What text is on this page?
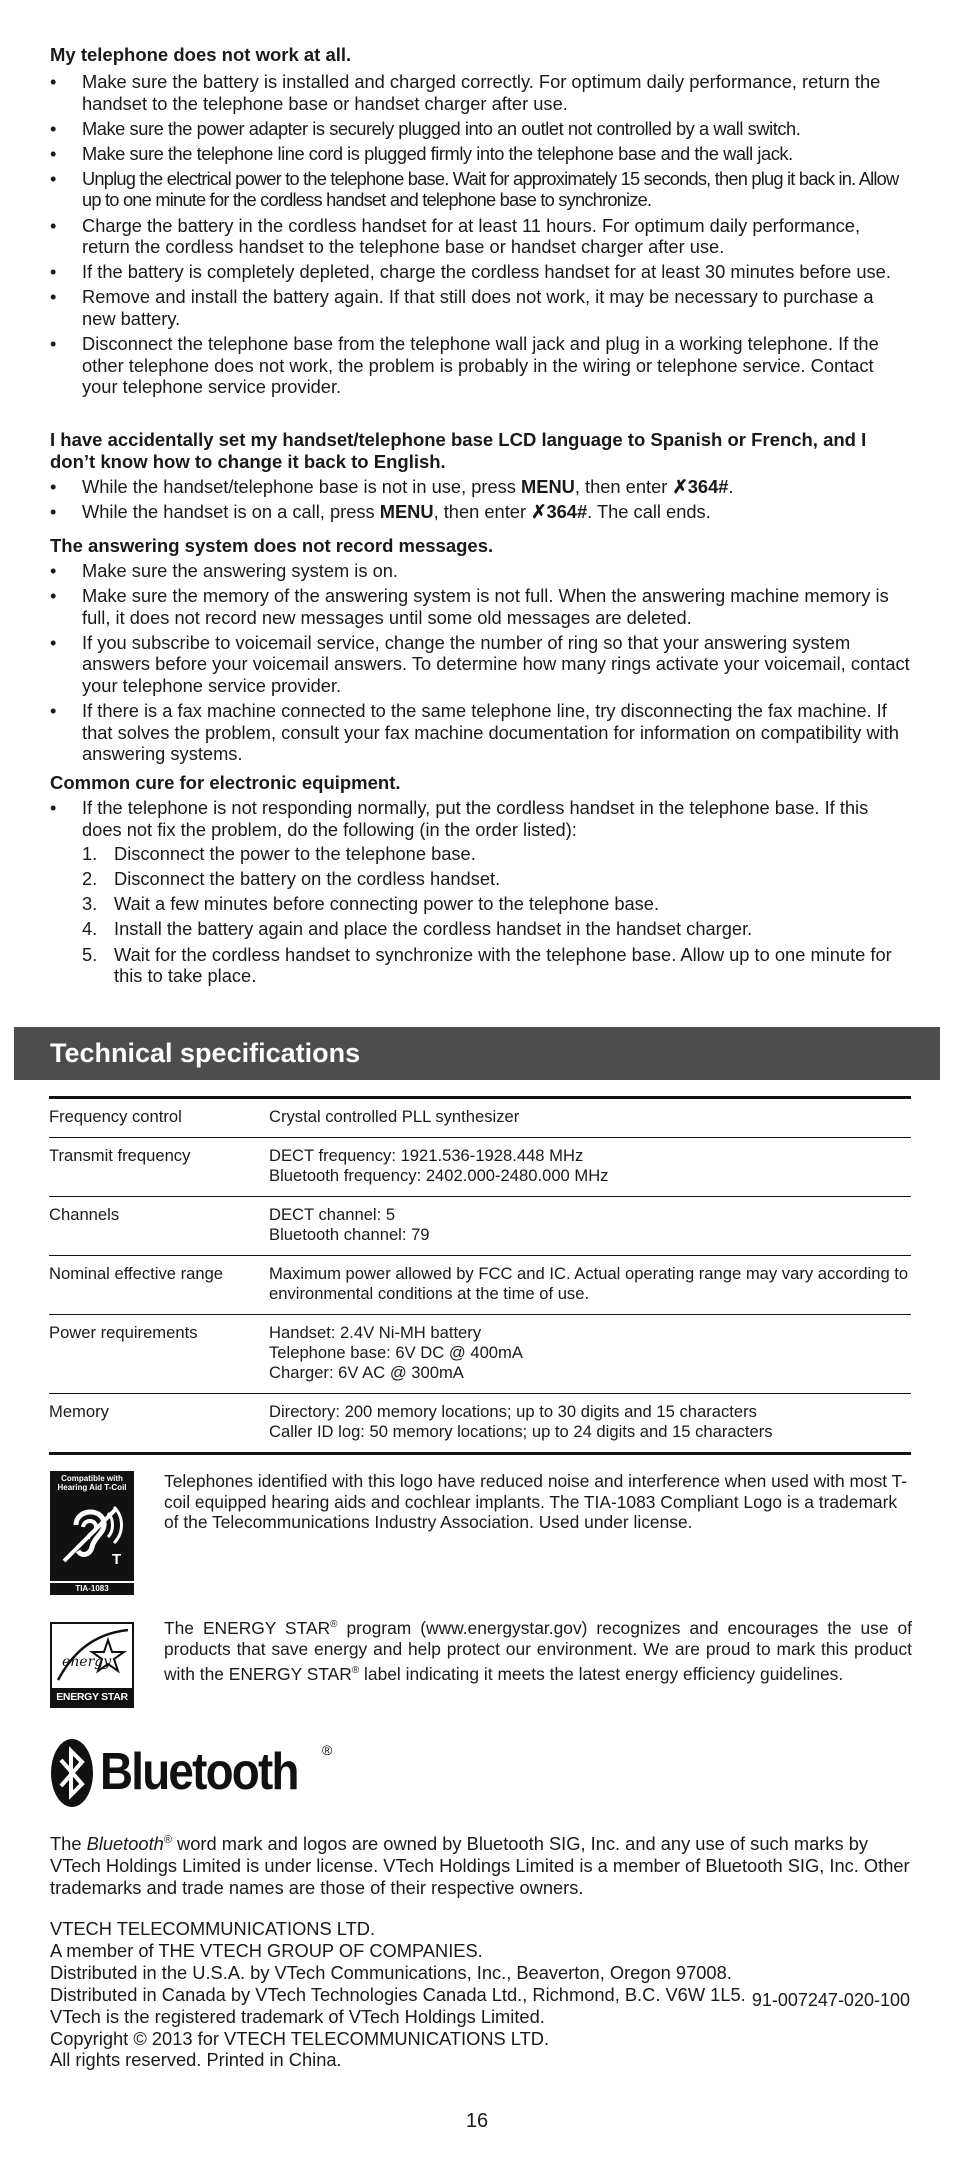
My telephone does not work at all.
• Make sure the battery is installed and charged correctly. For optimum daily performance, return the handset to the telephone base or handset charger after use.
• Make sure the power adapter is securely plugged into an outlet not controlled by a wall switch.
• Make sure the telephone line cord is plugged firmly into the telephone base and the wall jack.
• Unplug the electrical power to the telephone base. Wait for approximately 15 seconds, then plug it back in. Allow up to one minute for the cordless handset and telephone base to synchronize.
• Charge the battery in the cordless handset for at least 11 hours. For optimum daily performance, return the cordless handset to the telephone base or handset charger after use.
• If the battery is completely depleted, charge the cordless handset for at least 30 minutes before use.
• Remove and install the battery again. If that still does not work, it may be necessary to purchase a new battery.
• Disconnect the telephone base from the telephone wall jack and plug in a working telephone. If the other telephone does not work, the problem is probably in the wiring or telephone service. Contact your telephone service provider.
I have accidentally set my handset/telephone base LCD language to Spanish or French, and I don’t know how to change it back to English.
• While the handset/telephone base is not in use, press MENU, then enter ✗364#.
• While the handset is on a call, press MENU, then enter ✗364#. The call ends.
The answering system does not record messages.
• Make sure the answering system is on.
• Make sure the memory of the answering system is not full. When the answering machine memory is full, it does not record new messages until some old messages are deleted.
• If you subscribe to voicemail service, change the number of ring so that your answering system answers before your voicemail answers. To determine how many rings activate your voicemail, contact your telephone service provider.
• If there is a fax machine connected to the same telephone line, try disconnecting the fax machine. If that solves the problem, consult your fax machine documentation for information on compatibility with answering systems.
Common cure for electronic equipment.
• If the telephone is not responding normally, put the cordless handset in the telephone base. If this does not fix the problem, do the following (in the order listed):
1. Disconnect the power to the telephone base.
2. Disconnect the battery on the cordless handset.
3. Wait a few minutes before connecting power to the telephone base.
4. Install the battery again and place the cordless handset in the handset charger.
5. Wait for the cordless handset to synchronize with the telephone base. Allow up to one minute for this to take place.
Technical specifications
Frequency control	Crystal controlled PLL synthesizer

Transmit frequency	DECT frequency: 1921.536-1928.448 MHz
Bluetooth frequency: 2402.000-2480.000 MHz

Channels	DECT channel: 5
Bluetooth channel: 79

Nominal effective range	Maximum power allowed by FCC and IC. Actual operating range may vary according to environmental conditions at the time of use.

Power requirements	Handset: 2.4V Ni-MH battery
Telephone base: 6V DC @ 400mA
Charger: 6V AC @ 300mA

Memory	Directory: 200 memory locations; up to 30 digits and 15 characters
Caller ID log: 50 memory locations; up to 24 digits and 15 characters
Compatible with Hearing Aid T-Coil
T
TIA-1083
Telephones identified with this logo have reduced noise and interference when used with most T-coil equipped hearing aids and cochlear implants. The TIA-1083 Compliant Logo is a trademark of the Telecommunications Industry Association. Used under license.
energy
ENERGY STAR
The ENERGY STAR® program (www.energystar.gov) recognizes and encourages the use of products that save energy and help protect our environment. We are proud to mark this product with the ENERGY STAR® label indicating it meets the latest energy efficiency guidelines.
Bluetooth ®
The Bluetooth® word mark and logos are owned by Bluetooth SIG, Inc. and any use of such marks by VTech Holdings Limited is under license. VTech Holdings Limited is a member of Bluetooth SIG, Inc. Other trademarks and trade names are those of their respective owners.
VTECH TELECOMMUNICATIONS LTD.
A member of THE VTECH GROUP OF COMPANIES.
Distributed in the U.S.A. by VTech Communications, Inc., Beaverton, Oregon 97008.
Distributed in Canada by VTech Technologies Canada Ltd., Richmond, B.C. V6W 1L5.
VTech is the registered trademark of VTech Holdings Limited.
Copyright © 2013 for VTECH TELECOMMUNICATIONS LTD.
All rights reserved. Printed in China.
91-007247-020-100
16
